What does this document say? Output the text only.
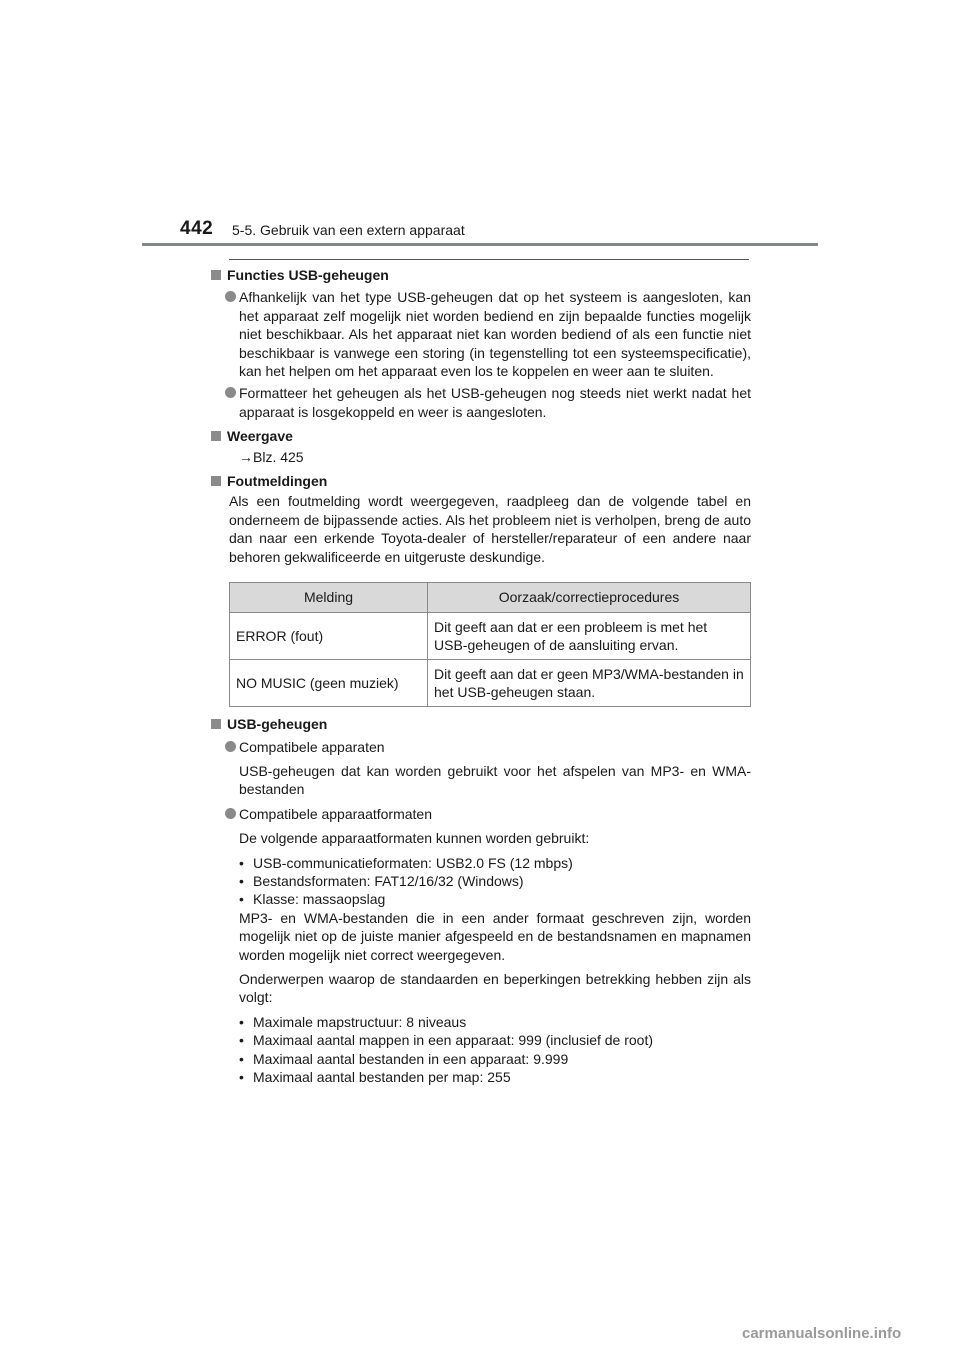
442 5-5. Gebruik van een extern apparaat
Functies USB-geheugen
Afhankelijk van het type USB-geheugen dat op het systeem is aangesloten, kan het apparaat zelf mogelijk niet worden bediend en zijn bepaalde functies mogelijk niet beschikbaar. Als het apparaat niet kan worden bediend of als een functie niet beschikbaar is vanwege een storing (in tegenstelling tot een systeemspecificatie), kan het helpen om het apparaat even los te koppelen en weer aan te sluiten.
Formatteer het geheugen als het USB-geheugen nog steeds niet werkt nadat het apparaat is losgekoppeld en weer is aangesloten.
Weergave
→Blz. 425
Foutmeldingen
Als een foutmelding wordt weergegeven, raadpleeg dan de volgende tabel en onderneem de bijpassende acties. Als het probleem niet is verholpen, breng de auto dan naar een erkende Toyota-dealer of hersteller/reparateur of een andere naar behoren gekwalificeerde en uitgeruste deskundige.
Melding	Oorzaak/correctieprocedures
ERROR (fout)	Dit geeft aan dat er een probleem is met het USB-geheugen of de aansluiting ervan.
NO MUSIC (geen muziek)	Dit geeft aan dat er geen MP3/WMA-bestanden in het USB-geheugen staan.
USB-geheugen
Compatibele apparaten
USB-geheugen dat kan worden gebruikt voor het afspelen van MP3- en WMA-bestanden
Compatibele apparaatformaten
De volgende apparaatformaten kunnen worden gebruikt:
• USB-communicatieformaten: USB2.0 FS (12 mbps)
• Bestandsformaten: FAT12/16/32 (Windows)
• Klasse: massaopslag
MP3- en WMA-bestanden die in een ander formaat geschreven zijn, worden mogelijk niet op de juiste manier afgespeeld en de bestandsnamen en mapnamen worden mogelijk niet correct weergegeven.
Onderwerpen waarop de standaarden en beperkingen betrekking hebben zijn als volgt:
• Maximale mapstructuur: 8 niveaus
• Maximaal aantal mappen in een apparaat: 999 (inclusief de root)
• Maximaal aantal bestanden in een apparaat: 9.999
• Maximaal aantal bestanden per map: 255
carmanualsonline.info
